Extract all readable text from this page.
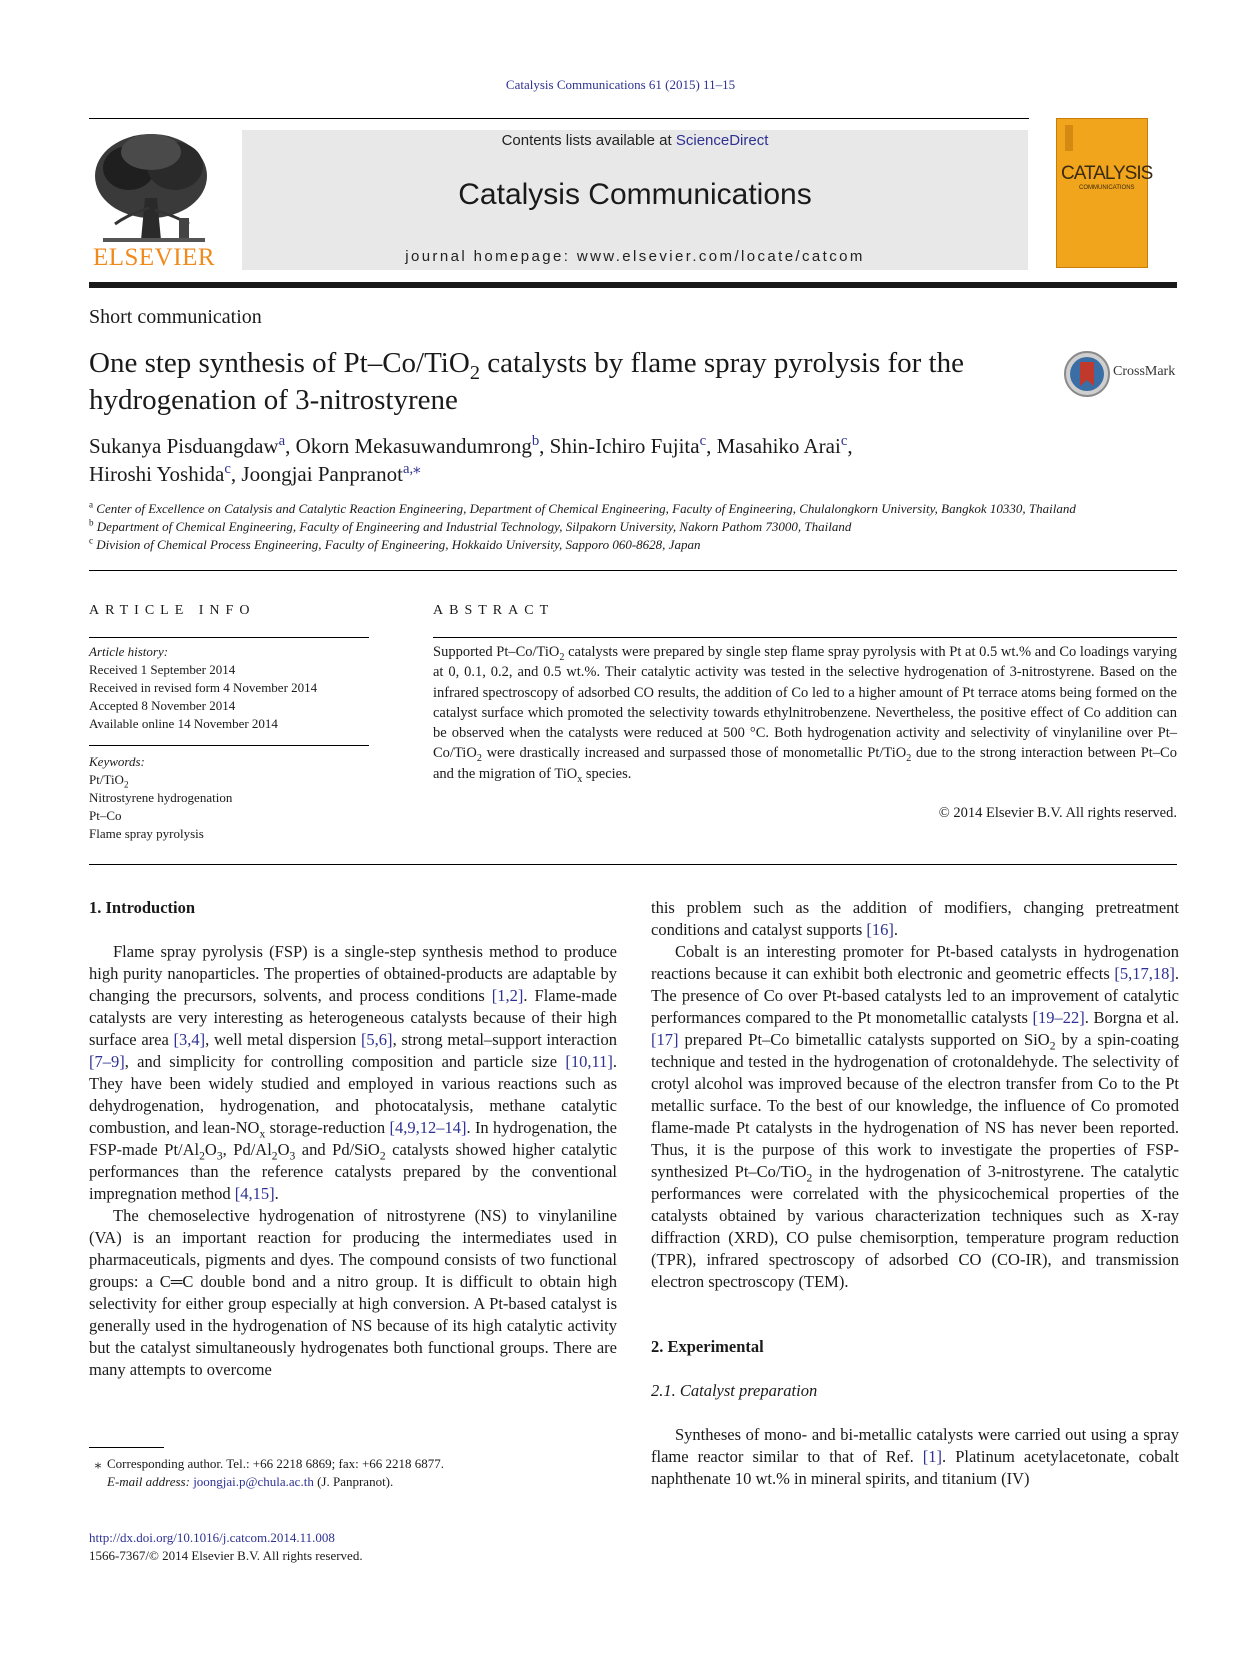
Catalysis Communications 61 (2015) 11–15
ELSEVIER
Contents lists available at ScienceDirect
Catalysis Communications
journal homepage: www.elsevier.com/locate/catcom
CATALYSIS
COMMUNICATIONS
Short communication
One step synthesis of Pt–Co/TiO$_2$ catalysts by flame spray pyrolysis for the hydrogenation of 3-nitrostyrene
CrossMark
Sukanya Pisduangdaw$^a$, Okorn Mekasuwandumrong$^b$, Shin-Ichiro Fujita$^c$, Masahiko Arai$^c$,
Hiroshi Yoshida$^c$, Joongjai Panpranot$^{a,⁎}$
$^a$ Center of Excellence on Catalysis and Catalytic Reaction Engineering, Department of Chemical Engineering, Faculty of Engineering, Chulalongkorn University, Bangkok 10330, Thailand
$^b$ Department of Chemical Engineering, Faculty of Engineering and Industrial Technology, Silpakorn University, Nakorn Pathom 73000, Thailand
$^c$ Division of Chemical Process Engineering, Faculty of Engineering, Hokkaido University, Sapporo 060-8628, Japan
ARTICLE INFO
Article history:
Received 1 September 2014
Received in revised form 4 November 2014
Accepted 8 November 2014
Available online 14 November 2014
Keywords:
Pt/TiO$_2$
Nitrostyrene hydrogenation
Pt–Co
Flame spray pyrolysis
ABSTRACT
Supported Pt–Co/TiO$_2$ catalysts were prepared by single step flame spray pyrolysis with Pt at 0.5 wt.% and Co loadings varying at 0, 0.1, 0.2, and 0.5 wt.%. Their catalytic activity was tested in the selective hydrogenation of 3-nitrostyrene. Based on the infrared spectroscopy of adsorbed CO results, the addition of Co led to a higher amount of Pt terrace atoms being formed on the catalyst surface which promoted the selectivity towards ethylnitrobenzene. Nevertheless, the positive effect of Co addition can be observed when the catalysts were reduced at 500 °C. Both hydrogenation activity and selectivity of vinylaniline over Pt–Co/TiO$_2$ were drastically increased and surpassed those of monometallic Pt/TiO$_2$ due to the strong interaction between Pt–Co and the migration of TiO$_x$ species.
© 2014 Elsevier B.V. All rights reserved.
1. Introduction

Flame spray pyrolysis (FSP) is a single-step synthesis method to produce high purity nanoparticles. The properties of obtained-products are adaptable by changing the precursors, solvents, and process conditions [1,2]. Flame-made catalysts are very interesting as heterogeneous catalysts because of their high surface area [3,4], well metal dispersion [5,6], strong metal–support interaction [7–9], and simplicity for controlling composition and particle size [10,11]. They have been widely studied and employed in various reactions such as dehydrogenation, hydrogenation, and photocatalysis, methane catalytic combustion, and lean-$NO_x$ storage-reduction [4,9,12–14]. In hydrogenation, the FSP-made $Pt/Al_2O_3$, $Pd/Al_2O_3$ and Pd/SiO$_2$ catalysts showed higher catalytic performances than the reference catalysts prepared by the conventional impregnation method [4,15].

The chemoselective hydrogenation of nitrostyrene (NS) to vinylaniline (VA) is an important reaction for producing the intermediates used in pharmaceuticals, pigments and dyes. The compound consists of two functional groups: a C═C double bond and a nitro group. It is difficult to obtain high selectivity for either group especially at high conversion. A Pt-based catalyst is generally used in the hydrogenation of NS because of its high catalytic activity but the catalyst simultaneously hydrogenates both functional groups. There are many attempts to overcome

this problem such as the addition of modifiers, changing pretreatment conditions and catalyst supports [16].

Cobalt is an interesting promoter for Pt-based catalysts in hydrogenation reactions because it can exhibit both electronic and geometric effects [5,17,18]. The presence of Co over Pt-based catalysts led to an improvement of catalytic performances compared to the Pt monometallic catalysts [19–22]. Borgna et al. [17] prepared Pt–Co bimetallic catalysts supported on SiO$_2$ by a spin-coating technique and tested in the hydrogenation of crotonaldehyde. The selectivity of crotyl alcohol was improved because of the electron transfer from Co to the Pt metallic surface. To the best of our knowledge, the influence of Co promoted flame-made Pt catalysts in the hydrogenation of NS has never been reported. Thus, it is the purpose of this work to investigate the properties of FSP-synthesized Pt–Co/TiO$_2$ in the hydrogenation of 3-nitrostyrene. The catalytic performances were correlated with the physicochemical properties of the catalysts obtained by various characterization techniques such as X-ray diffraction (XRD), CO pulse chemisorption, temperature program reduction (TPR), infrared spectroscopy of adsorbed CO (CO-IR), and transmission electron spectroscopy (TEM).

2. Experimental
2.1. Catalyst preparation

Syntheses of mono- and bi-metallic catalysts were carried out using a spray flame reactor similar to that of Ref. [1]. Platinum acetylacetonate, cobalt naphthenate 10 wt.% in mineral spirits, and titanium (IV)

⁎ Corresponding author. Tel.: +66 2218 6869; fax: +66 2218 6877.
E-mail address: joongjai.p@chula.ac.th (J. Panpranot).
http://dx.doi.org/10.1016/j.catcom.2014.11.008
1566-7367/© 2014 Elsevier B.V. All rights reserved.
